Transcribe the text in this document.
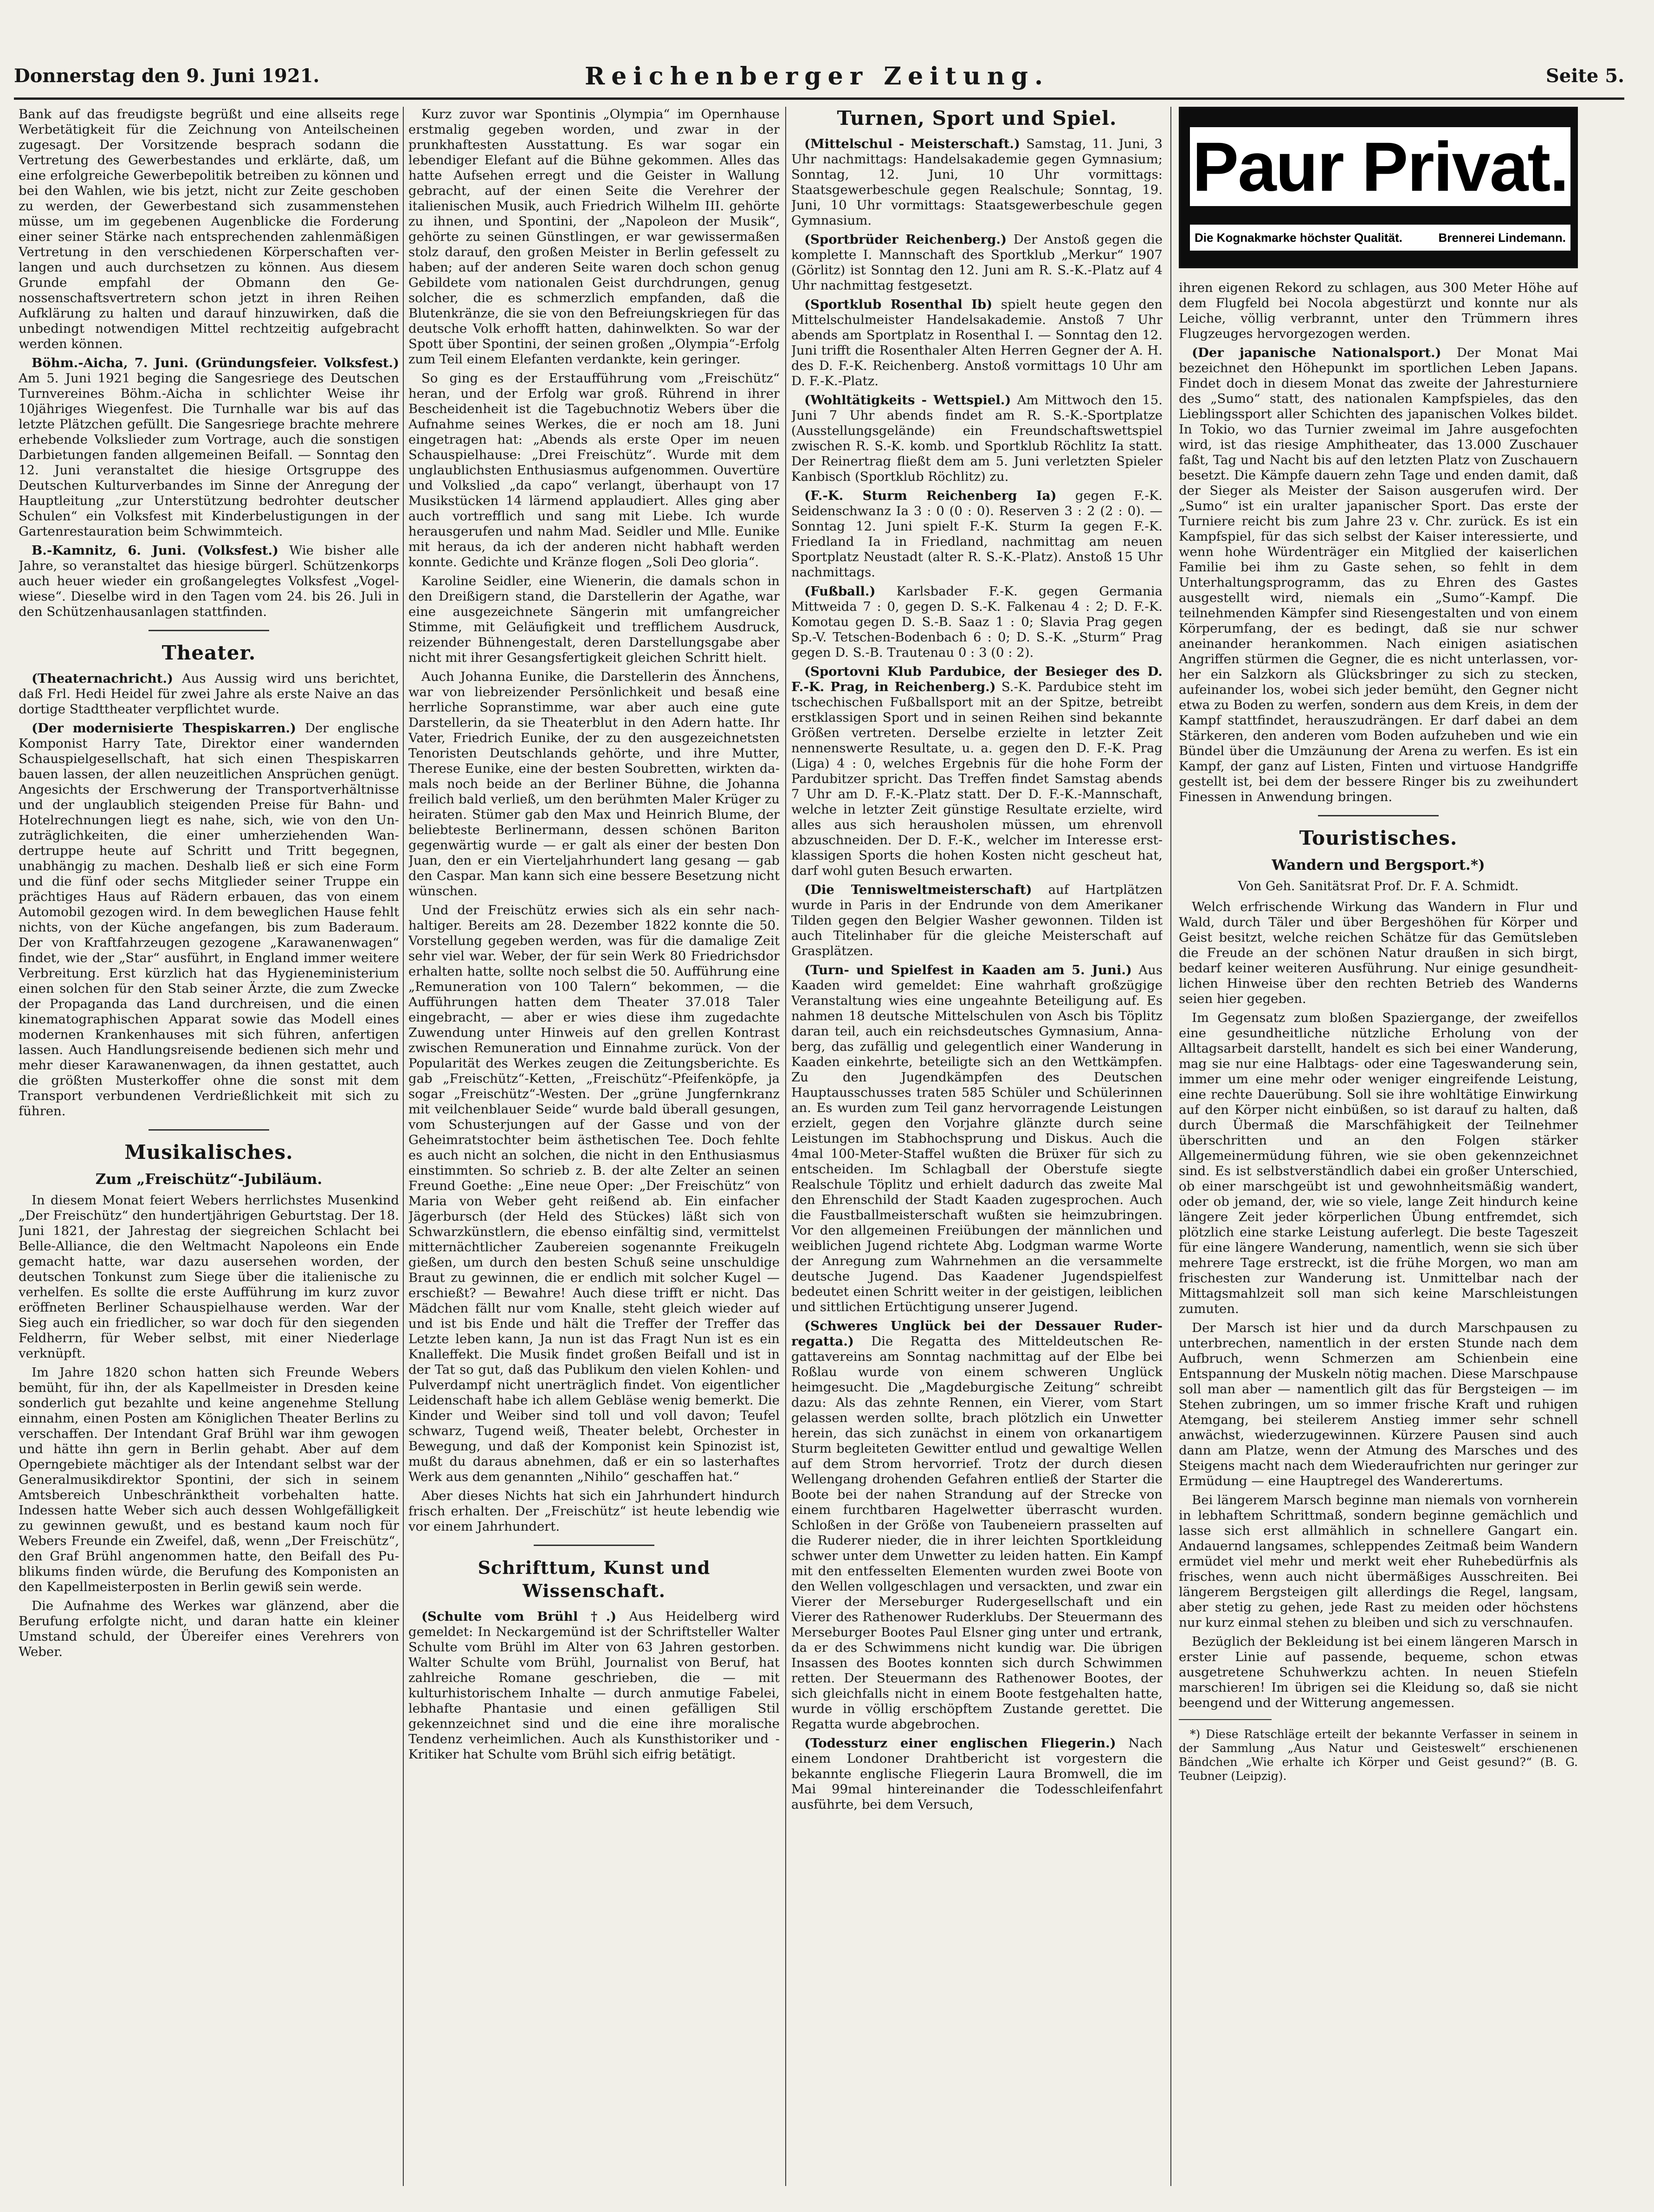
Donnerstag den 9. Juni 1921.	Reichenberger Zeitung.	Seite 5.

Bank auf das freudigste begrüßt und eine allseits rege Werbetätigkeit für die Zeichnung von Anteilscheinen zugesagt. Der Vorsitzende besprach sodann die Vertretung des Gewerbestandes und erklärte, daß, um eine erfolgreiche Gewerbepolitik betreiben zu können und bei den Wahlen, wie bis jetzt, nicht zur Zeite geschoben zu werden, der Gewerbestand sich zusammenstehen müsse, um im gegebenen Augenblicke die Forderung einer seiner Stärke nach entsprechenden zahlenmäßigen Vertretung in den verschiedenen Körperschaften verlangen und auch durchsetzen zu können. Aus diesem Grunde empfahl der Obmann den Genossenschaftsvertretern schon jetzt in ihren Reihen Aufklärung zu halten und darauf hinzuwirken, daß die unbedingt notwendigen Mittel rechtzeitig aufgebracht werden können.

Böhm.-Aicha, 7. Juni. (Gründungsfeier. Volksfest.) Am 5. Juni 1921 beging die Sangesriege des Deutschen Turnvereines Böhm.-Aicha in schlichter Weise ihr 10jähriges Wiegenfest. Die Turnhalle war bis auf das letzte Plätzchen gefüllt. Die Sangesriege brachte mehrere erhebende Volkslieder zum Vortrage, auch die sonstigen Darbietungen fanden allgemeinen Beifall. — Sonntag den 12. Juni veranstaltet die hiesige Ortsgruppe des Deutschen Kulturverbandes im Sinne der Anregung der Hauptleitung „zur Unterstützung bedrohter deutscher Schulen“ ein Volksfest mit Kinderbelustigungen in der Gartenrestauration beim Schwimmteich.

B.-Kamnitz, 6. Juni. (Volksfest.) Wie bisher alle Jahre, so veranstaltet das hiesige bürgerl. Schützenkorps auch heuer wieder ein großangelegtes Volksfest „Vogelwiese“. Dieselbe wird in den Tagen vom 24. bis 26. Juli in den Schützenhausanlagen stattfinden.

Theater.

(Theaternachricht.) Aus Aussig wird uns berichtet, daß Frl. Hedi Heidel für zwei Jahre als erste Naive an das dortige Stadttheater verpflichtet wurde.

(Der modernisierte Thespiskarren.) Der englische Komponist Harry Tate, Direktor einer wandernden Schauspielgesellschaft, hat sich einen Thespiskarren bauen lassen, der allen neuzeitlichen Ansprüchen genügt. Angesichts der Erschwerung der Transportverhältnisse und der unglaublich steigenden Preise für Bahn- und Hotelrechnungen liegt es nahe, sich, wie von den Unzuträglichkeiten, die einer umherziehenden Wandertruppe heute auf Schritt und Tritt begegnen, unabhängig zu machen. Deshalb ließ er sich eine Form und die fünf oder sechs Mitglieder seiner Truppe ein prächtiges Haus auf Rädern erbauen, das von einem Automobil gezogen wird. In dem beweglichen Hause fehlt nichts, von der Küche angefangen, bis zum Baderaum. Der von Kraftfahrzeugen gezogene „Karawanenwagen“ findet, wie der „Star“ ausführt, in England immer weitere Verbreitung. Erst kürzlich hat das Hygieneministerium einen solchen für den Stab seiner Ärzte, die zum Zwecke der Propaganda das Land durchreisen, und die einen kinematographischen Apparat sowie das Modell eines modernen Krankenhauses mit sich führen, anfertigen lassen. Auch Handlungsreisende bedienen sich mehr und mehr dieser Karawanenwagen, da ihnen gestattet, auch die größten Musterkoffer ohne die sonst mit dem Transport verbundenen Verdrießlichkeit mit sich zu führen.

Musikalisches.
Zum „Freischütz“-Jubiläum.

In diesem Monat feiert Webers herrlichstes Musenkind „Der Freischütz“ den hundertjährigen Geburtstag. Der 18. Juni 1821, der Jahrestag der siegreichen Schlacht bei Belle-Alliance, die den Weltmacht Napoleons ein Ende gemacht hatte, war dazu ausersehen worden, der deutschen Tonkunst zum Siege über die italienische zu verhelfen. Es sollte die erste Aufführung im kurz zuvor eröffneten Berliner Schauspielhause werden. War der Sieg auch ein friedlicher, so war doch für den siegenden Feldherrn, für Weber selbst, mit einer Niederlage verknüpft.

Im Jahre 1820 schon hatten sich Freunde Webers bemüht, für ihn, der als Kapellmeister in Dresden keine sonderlich gut bezahlte und keine angenehme Stellung einnahm, einen Posten am Königlichen Theater Berlins zu verschaffen. Der Intendant Graf Brühl war ihm gewogen und hätte ihn gern in Berlin gehabt. Aber auf dem Operngebiete mächtiger als der Intendant selbst war der Generalmusikdirektor Spontini, der sich in seinem Amtsbereich Unbeschränktheit vorbehalten hatte. Indessen hatte Weber sich auch dessen Wohlgefälligkeit zu gewinnen gewußt, und es bestand kaum noch für Webers Freunde ein Zweifel, daß, wenn „Der Freischütz“, den Graf Brühl angenommen hatte, den Beifall des Publikums finden würde, die Berufung des Komponisten an den Kapellmeisterposten in Berlin gewiß sein werde.

Die Aufnahme des Werkes war glänzend, aber die Berufung erfolgte nicht, und daran hatte ein kleiner Umstand schuld, der Übereifer eines Verehrers von Weber.

Kurz zuvor war Spontinis „Olympia“ im Opernhause erstmalig gegeben worden, und zwar in der prunkhaftesten Ausstattung. Es war sogar ein lebendiger Elefant auf die Bühne gekommen. Alles das hatte Aufsehen erregt und die Geister in Wallung gebracht, auf der einen Seite die Verehrer der italienischen Musik, auch Friedrich Wilhelm III. gehörte zu ihnen, und Spontini, der „Napoleon der Musik“, gehörte zu seinen Günstlingen, er war gewissermaßen stolz darauf, den großen Meister in Berlin gefesselt zu haben; auf der anderen Seite waren doch schon genug Gebildete vom nationalen Geist durchdrungen, genug solcher, die es schmerzlich empfanden, daß die Blutenkränze, die sie von den Befreiungskriegen für das deutsche Volk erhofft hatten, dahinwelkten. So war der Spott über Spontini, der seinen großen „Olympia“-Erfolg zum Teil einem Elefanten verdankte, kein geringer.

So ging es der Erstaufführung vom „Freischütz“ heran, und der Erfolg war groß. Rührend in ihrer Bescheidenheit ist die Tagebuchnotiz Webers über die Aufnahme seines Werkes, die er noch am 18. Juni eingetragen hat: „Abends als erste Oper im neuen Schauspielhause: „Drei Freischütz“. Wurde mit dem unglaublichsten Enthusiasmus aufgenommen. Ouvertüre und Volkslied „da capo“ verlangt, überhaupt von 17 Musikstücken 14 lärmend applaudiert. Alles ging aber auch vortrefflich und sang mit Liebe. Ich wurde herausgerufen und nahm Mad. Seidler und Mlle. Eunike mit heraus, da ich der anderen nicht habhaft werden konnte. Gedichte und Kränze flogen „Soli Deo gloria“.

Karoline Seidler, eine Wienerin, die damals schon in den Dreißigern stand, die Darstellerin der Agathe, war eine ausgezeichnete Sängerin mit umfangreicher Stimme, mit Geläufigkeit und trefflichem Ausdruck, reizender Bühnengestalt, deren Darstellungsgabe aber nicht mit ihrer Gesangsfertigkeit gleichen Schritt hielt.

Auch Johanna Eunike, die Darstellerin des Ännchens, war von liebreizender Persönlichkeit und besaß eine herrliche Sopranstimme, war aber auch eine gute Darstellerin, da sie Theaterblut in den Adern hatte. Ihr Vater, Friedrich Eunike, der zu den ausgezeichnetsten Tenoristen Deutschlands gehörte, und ihre Mutter, Therese Eunike, eine der besten Soubretten, wirkten damals noch beide an der Berliner Bühne, die Johanna freilich bald verließ, um den berühmten Maler Krüger zu heiraten. Stümer gab den Max und Heinrich Blume, der beliebteste Berlinermann, dessen schönen Bariton gegenwärtig wurde — er galt als einer der besten Don Juan, den er ein Vierteljahrhundert lang gesang — gab den Caspar. Man kann sich eine bessere Besetzung nicht wünschen.

Und der Freischütz erwies sich als ein sehr nachhaltiger. Bereits am 28. Dezember 1822 konnte die 50. Vorstellung gegeben werden, was für die damalige Zeit sehr viel war. Weber, der für sein Werk 80 Friedrichsdor erhalten hatte, sollte noch selbst die 50. Aufführung eine „Remuneration von 100 Talern“ bekommen, — die Aufführungen hatten dem Theater 37.018 Taler eingebracht, — aber er wies diese ihm zugedachte Zuwendung unter Hinweis auf den grellen Kontrast zwischen Remuneration und Einnahme zurück. Von der Popularität des Werkes zeugen die Zeitungsberichte. Es gab „Freischütz“-Ketten, „Freischütz“-Pfeifenköpfe, ja sogar „Freischütz“-Westen. Der „grüne Jungfernkranz mit veilchenblauer Seide“ wurde bald überall gesungen, vom Schusterjungen auf der Gasse und von der Geheimratstochter beim ästhetischen Tee. Doch fehlte es auch nicht an solchen, die nicht in den Enthusiasmus einstimmten. So schrieb z. B. der alte Zelter an seinen Freund Goethe: „Eine neue Oper: „Der Freischütz“ von Maria von Weber geht reißend ab. Ein einfacher Jägerbursch (der Held des Stückes) läßt sich von Schwarzkünstlern, die ebenso einfältig sind, vermittelst mitternächtlicher Zaubereien sogenannte Freikugeln gießen, um durch den besten Schuß seine unschuldige Braut zu gewinnen, die er endlich mit solcher Kugel — erschießt? — Bewahre! Auch diese trifft er nicht. Das Mädchen fällt nur vom Knalle, steht gleich wieder auf und ist bis Ende und hält die Treffer der Treffer das Letzte leben kann, Ja nun ist das Fragt Nun ist es ein Knalleffekt. Die Musik findet großen Beifall und ist in der Tat so gut, daß das Publikum den vielen Kohlen- und Pulverdampf nicht unerträglich findet. Von eigentlicher Leidenschaft habe ich allem Gebläse wenig bemerkt. Die Kinder und Weiber sind toll und voll davon; Teufel schwarz, Tugend weiß, Theater belebt, Orchester in Bewegung, und daß der Komponist kein Spinozist ist, mußt du daraus abnehmen, daß er ein so lasterhaftes Werk aus dem genannten „Nihilo“ geschaffen hat.“

Aber dieses Nichts hat sich ein Jahrhundert hindurch frisch erhalten. Der „Freischütz“ ist heute lebendig wie vor einem Jahrhundert.

Schrifttum, Kunst und Wissenschaft.

(Schulte vom Brühl †.) Aus Heidelberg wird gemeldet: In Neckargemünd ist der Schriftsteller Walter Schulte vom Brühl im Alter von 63 Jahren gestorben. Walter Schulte vom Brühl, Journalist von Beruf, hat zahlreiche Romane geschrieben, die — mit kulturhistorischem Inhalte — durch anmutige Fabelei, lebhafte Phantasie und einen gefälligen Stil gekennzeichnet sind und die eine ihre moralische Tendenz verheimlichen. Auch als Kunsthistoriker und -Kritiker hat Schulte vom Brühl sich eifrig betätigt.

Turnen, Sport und Spiel.

(Mittelschul - Meisterschaft.) Samstag, 11. Juni, 3 Uhr nachmittags: Handelsakademie gegen Gymnasium; Sonntag, 12. Juni, 10 Uhr vormittags: Staatsgewerbeschule gegen Realschule; Sonntag, 19. Juni, 10 Uhr vormittags: Staatsgewerbeschule gegen Gymnasium.

(Sportbrüder Reichenberg.) Der Anstoß gegen die komplette I. Mannschaft des Sportklub „Merkur“ 1907 (Görlitz) ist Sonntag den 12. Juni am R. S.-K.-Platz auf 4 Uhr nachmittag festgesetzt.

(Sportklub Rosenthal Ib) spielt heute gegen den Mittelschulmeister Handelsakademie. Anstoß 7 Uhr abends am Sportplatz in Rosenthal I. — Sonntag den 12. Juni trifft die Rosenthaler Alten Herren Gegner der A. H. des D. F.-K. Reichenberg. Anstoß vormittags 10 Uhr am D. F.-K.-Platz.

(Wohltätigkeits - Wettspiel.) Am Mittwoch den 15. Juni 7 Uhr abends findet am R. S.-K.-Sportplatze (Ausstellungsgelände) ein Freundschaftswettspiel zwischen R. S.-K. komb. und Sportklub Röchlitz Ia statt. Der Reinertrag fließt dem am 5. Juni verletzten Spieler Kanbisch (Sportklub Röchlitz) zu.

(F.-K. Sturm Reichenberg Ia) gegen F.-K. Seidenschwanz Ia 3 : 0 (0 : 0). Reserven 3 : 2 (2 : 0). — Sonntag 12. Juni spielt F.-K. Sturm Ia gegen F.-K. Friedland Ia in Friedland, nachmittag am neuen Sportplatz Neustadt (alter R. S.-K.-Platz). Anstoß 15 Uhr nachmittags.

(Fußball.) Karlsbader F.-K. gegen Germania Mittweida 7 : 0, gegen D. S.-K. Falkenau 4 : 2; D. F.-K. Komotau gegen D. S.-B. Saaz 1 : 0; Slavia Prag gegen Sp.-V. Tetschen-Bodenbach 6 : 0; D. S.-K. „Sturm“ Prag gegen D. S.-B. Trautenau 0 : 3 (0 : 2).

(Sportovni Klub Pardubice, der Besieger des D. F.-K. Prag, in Reichenberg.) S.-K. Pardubice steht im tschechischen Fußballsport mit an der Spitze, betreibt erstklassigen Sport und in seinen Reihen sind bekannte Größen vertreten. Derselbe erzielte in letzter Zeit nennenswerte Resultate, u. a. gegen den D. F.-K. Prag (Liga) 4 : 0, welches Ergebnis für die hohe Form der Pardubitzer spricht. Das Treffen findet Samstag abends 7 Uhr am D. F.-K.-Platz statt. Der D. F.-K.-Mannschaft, welche in letzter Zeit günstige Resultate erzielte, wird alles aus sich herausholen müssen, um ehrenvoll abzuschneiden. Der D. F.-K., welcher im Interesse erstklassigen Sports die hohen Kosten nicht gescheut hat, darf wohl guten Besuch erwarten.

(Die Tennisweltmeisterschaft) auf Hartplätzen wurde in Paris in der Endrunde von dem Amerikaner Tilden gegen den Belgier Washer gewonnen. Tilden ist auch Titelinhaber für die gleiche Meisterschaft auf Grasplätzen.

(Turn- und Spielfest in Kaaden am 5. Juni.) Aus Kaaden wird gemeldet: Eine wahrhaft großzügige Veranstaltung wies eine ungeahnte Beteiligung auf. Es nahmen 18 deutsche Mittelschulen von Asch bis Töplitz daran teil, auch ein reichsdeutsches Gymnasium, Annaberg, das zufällig und gelegentlich einer Wanderung in Kaaden einkehrte, beteiligte sich an den Wettkämpfen. Zu den Jugendkämpfen des Deutschen Hauptausschusses traten 585 Schüler und Schülerinnen an. Es wurden zum Teil ganz hervorragende Leistungen erzielt, gegen den Vorjahre glänzte durch seine Leistungen im Stabhochsprung und Diskus. Auch die 4mal 100-Meter-Staffel wußten die Brüxer für sich zu entscheiden. Im Schlagball der Oberstufe siegte Realschule Töplitz und erhielt dadurch das zweite Mal den Ehrenschild der Stadt Kaaden zugesprochen. Auch die Faustballmeisterschaft wußten sie heimzubringen. Vor den allgemeinen Freiübungen der männlichen und weiblichen Jugend richtete Abg. Lodgman warme Worte der Anregung zum Wahrnehmen an die versammelte deutsche Jugend. Das Kaadener Jugendspielfest bedeutet einen Schritt weiter in der geistigen, leiblichen und sittlichen Ertüchtigung unserer Jugend.

(Schweres Unglück bei der Dessauer Ruderregatta.) Die Regatta des Mitteldeutschen Regattavereins am Sonntag nachmittag auf der Elbe bei Roßlau wurde von einem schweren Unglück heimgesucht. Die „Magdeburgische Zeitung“ schreibt dazu: Als das zehnte Rennen, ein Vierer, vom Start gelassen werden sollte, brach plötzlich ein Unwetter herein, das sich zunächst in einem von orkanartigem Sturm begleiteten Gewitter entlud und gewaltige Wellen auf dem Strom hervorrief. Trotz der durch diesen Wellengang drohenden Gefahren entließ der Starter die Boote bei der nahen Strandung auf der Strecke von einem furchtbaren Hagelwetter überrascht wurden. Schloßen in der Größe von Taubeneiern prasselten auf die Ruderer nieder, die in ihrer leichten Sportkleidung schwer unter dem Unwetter zu leiden hatten. Ein Kampf mit den entfesselten Elementen wurden zwei Boote von den Wellen vollgeschlagen und versackten, und zwar ein Vierer der Merseburger Rudergesellschaft und ein Vierer des Rathenower Ruderklubs. Der Steuermann des Merseburger Bootes Paul Elsner ging unter und ertrank, da er des Schwimmens nicht kundig war. Die übrigen Insassen des Bootes konnten sich durch Schwimmen retten. Der Steuermann des Rathenower Bootes, der sich gleichfalls nicht in einem Boote festgehalten hatte, wurde in völlig erschöpftem Zustande gerettet. Die Regatta wurde abgebrochen.

(Todessturz einer englischen Fliegerin.) Nach einem Londoner Drahtbericht ist vorgestern die bekannte englische Fliegerin Laura Bromwell, die im Mai 99mal hintereinander die Todesschleifenfahrt ausführte, bei dem Versuch,

Paur Privat.
Die Kognakmarke höchster Qualität.	Brennerei Lindemann.

ihren eigenen Rekord zu schlagen, aus 300 Meter Höhe auf dem Flugfeld bei Nocola abgestürzt und konnte nur als Leiche, völlig verbrannt, unter den Trümmern ihres Flugzeuges hervorgezogen werden.

(Der japanische Nationalsport.) Der Monat Mai bezeichnet den Höhepunkt im sportlichen Leben Japans. Findet doch in diesem Monat das zweite der Jahresturniere des „Sumo“ statt, des nationalen Kampfspieles, das den Lieblingssport aller Schichten des japanischen Volkes bildet. In Tokio, wo das Turnier zweimal im Jahre ausgefochten wird, ist das riesige Amphitheater, das 13.000 Zuschauer faßt, Tag und Nacht bis auf den letzten Platz von Zuschauern besetzt. Die Kämpfe dauern zehn Tage und enden damit, daß der Sieger als Meister der Saison ausgerufen wird. Der „Sumo“ ist ein uralter japanischer Sport. Das erste der Turniere reicht bis zum Jahre 23 v. Chr. zurück. Es ist ein Kampfspiel, für das sich selbst der Kaiser interessierte, und wenn hohe Würdenträger ein Mitglied der kaiserlichen Familie bei ihm zu Gaste sehen, so fehlt in dem Unterhaltungsprogramm, das zu Ehren des Gastes ausgestellt wird, niemals ein „Sumo“-Kampf. Die teilnehmenden Kämpfer sind Riesengestalten und von einem Körperumfang, der es bedingt, daß sie nur schwer aneinander herankommen. Nach einigen asiatischen Angriffen stürmen die Gegner, die es nicht unterlassen, vorher ein Salzkorn als Glücksbringer zu sich zu stecken, aufeinander los, wobei sich jeder bemüht, den Gegner nicht etwa zu Boden zu werfen, sondern aus dem Kreis, in dem der Kampf stattfindet, herauszudrängen. Er darf dabei an dem Stärkeren, den anderen vom Boden aufzuheben und wie ein Bündel über die Umzäunung der Arena zu werfen. Es ist ein Kampf, der ganz auf Listen, Finten und virtuose Handgriffe gestellt ist, bei dem der bessere Ringer bis zu zweihundert Finessen in Anwendung bringen.

Touristisches.
Wandern und Bergsport.*)
Von Geh. Sanitätsrat Prof. Dr. F. A. Schmidt.

Welch erfrischende Wirkung das Wandern in Flur und Wald, durch Täler und über Bergeshöhen für Körper und Geist besitzt, welche reichen Schätze für das Gemütsleben die Freude an der schönen Natur draußen in sich birgt, bedarf keiner weiteren Ausführung. Nur einige gesundheitlichen Hinweise über den rechten Betrieb des Wanderns seien hier gegeben.

Im Gegensatz zum bloßen Spaziergange, der zweifellos eine gesundheitliche nützliche Erholung von der Alltagsarbeit darstellt, handelt es sich bei einer Wanderung, mag sie nur eine Halbtags- oder eine Tageswanderung sein, immer um eine mehr oder weniger eingreifende Leistung, eine rechte Dauerübung. Soll sie ihre wohltätige Einwirkung auf den Körper nicht einbüßen, so ist darauf zu halten, daß durch Übermaß die Marschfähigkeit der Teilnehmer überschritten und an den Folgen stärker Allgemeinermüdung führen, wie sie oben gekennzeichnet sind. Es ist selbstverständlich dabei ein großer Unterschied, ob einer marschgeübt ist und gewohnheitsmäßig wandert, oder ob jemand, der, wie so viele, lange Zeit hindurch keine längere Zeit jeder körperlichen Übung entfremdet, sich plötzlich eine starke Leistung auferlegt. Die beste Tageszeit für eine längere Wanderung, namentlich, wenn sie sich über mehrere Tage erstreckt, ist die frühe Morgen, wo man am frischesten zur Wanderung ist. Unmittelbar nach der Mittagsmahlzeit soll man sich keine Marschleistungen zumuten.

Der Marsch ist hier und da durch Marschpausen zu unterbrechen, namentlich in der ersten Stunde nach dem Aufbruch, wenn Schmerzen am Schienbein eine Entspannung der Muskeln nötig machen. Diese Marschpause soll man aber — namentlich gilt das für Bergsteigen — im Stehen zubringen, um so immer frische Kraft und ruhigen Atemgang, bei steilerem Anstieg immer sehr schnell anwächst, wiederzugewinnen. Kürzere Pausen sind auch dann am Platze, wenn der Atmung des Marsches und des Steigens macht nach dem Wiederaufrichten nur geringer zur Ermüdung — eine Hauptregel des Wanderertums.

Bei längerem Marsch beginne man niemals von vornherein in lebhaftem Schrittmaß, sondern beginne gemächlich und lasse sich erst allmählich in schnellere Gangart ein. Andauernd langsames, schleppendes Zeitmaß beim Wandern ermüdet viel mehr und merkt weit eher Ruhebedürfnis als frisches, wenn auch nicht übermäßiges Ausschreiten. Bei längerem Bergsteigen gilt allerdings die Regel, langsam, aber stetig zu gehen, jede Rast zu meiden oder höchstens nur kurz einmal stehen zu bleiben und sich zu verschnaufen.

Bezüglich der Bekleidung ist bei einem längeren Marsch in erster Linie auf passende, bequeme, schon etwas ausgetretene Schuhwerkzu achten. In neuen Stiefeln marschieren! Im übrigen sei die Kleidung so, daß sie nicht beengend und der Witterung angemessen.

*) Diese Ratschläge erteilt der bekannte Verfasser in seinem in der Sammlung „Aus Natur und Geisteswelt“ erschienenen Bändchen „Wie erhalte ich Körper und Geist gesund?“ (B. G. Teubner (Leipzig).
